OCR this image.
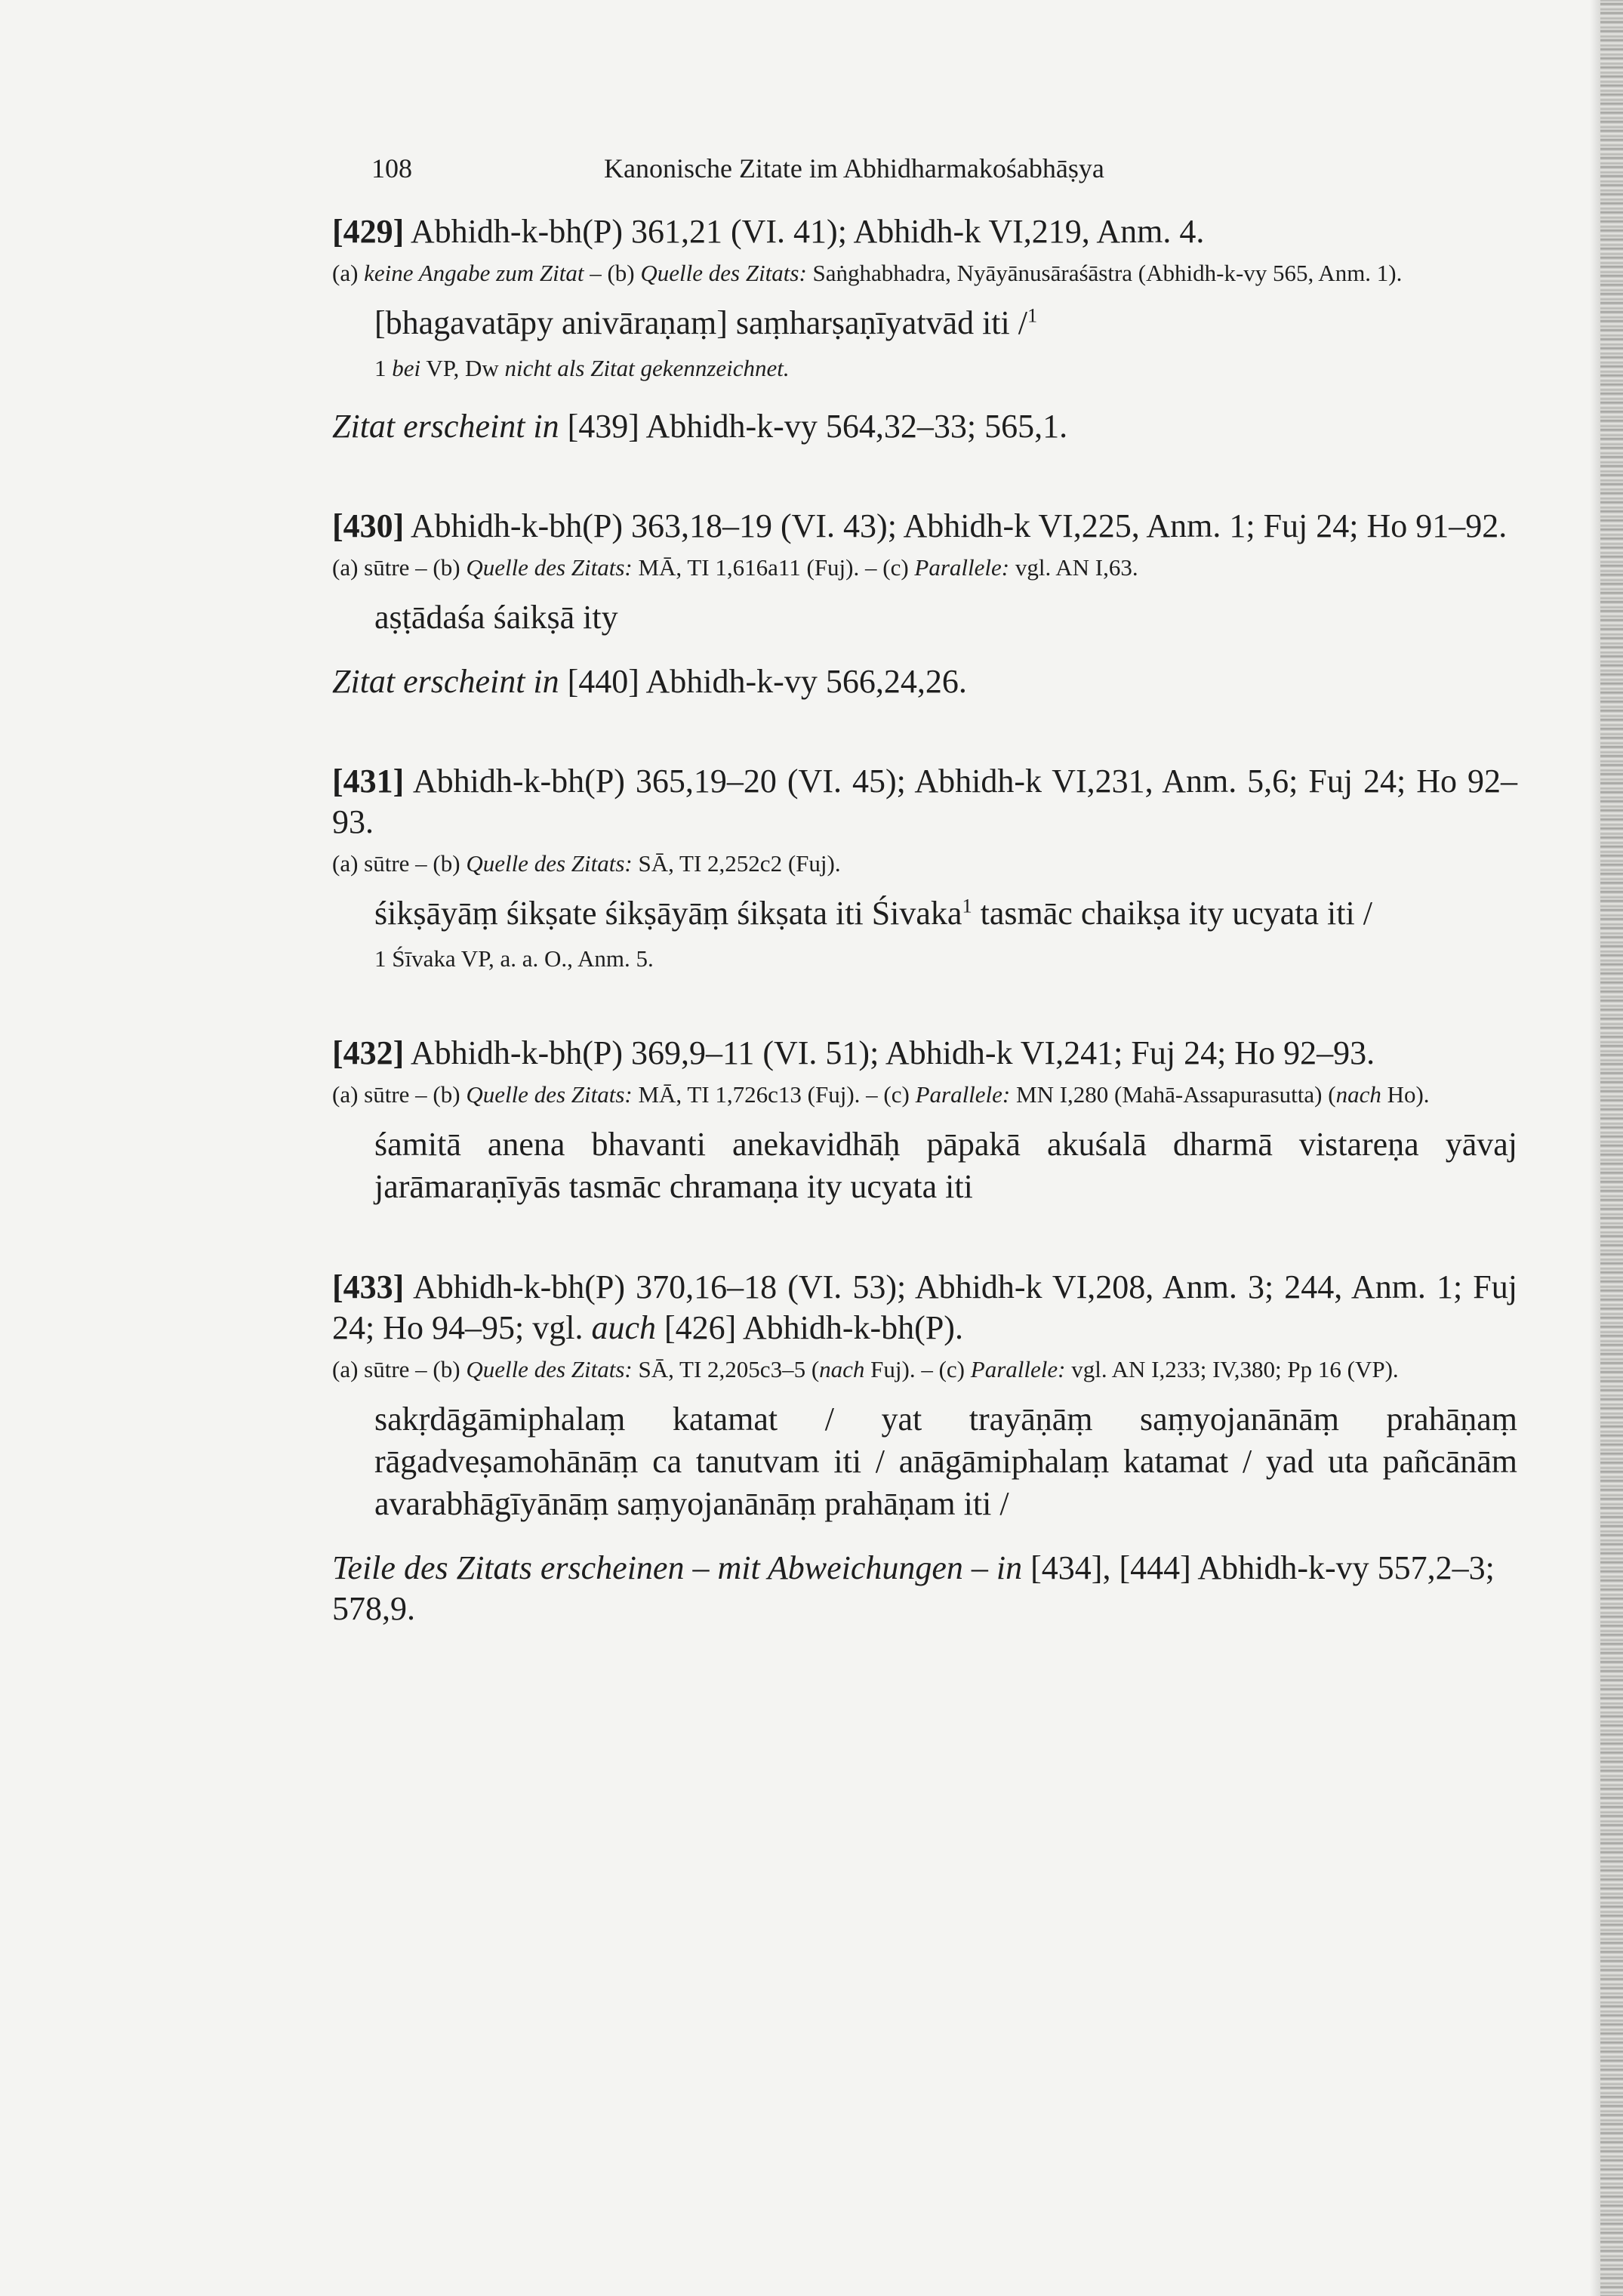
108	Kanonische Zitate im Abhidharmakośabhāṣya
[429] Abhidh-k-bh(P) 361,21 (VI. 41); Abhidh-k VI,219, Anm. 4.
(a) keine Angabe zum Zitat – (b) Quelle des Zitats: Saṅghabhadra, Nyāyānusāraśāstra (Abhidh-k-vy 565, Anm. 1).
[bhagavatāpy anivāraṇaṃ] saṃharṣaṇīyatvād iti /$^1$
1 bei VP, Dw nicht als Zitat gekennzeichnet.
Zitat erscheint in [439] Abhidh-k-vy 564,32–33; 565,1.
[430] Abhidh-k-bh(P) 363,18–19 (VI. 43); Abhidh-k VI,225, Anm. 1; Fuj 24; Ho 91–92.
(a) sūtre – (b) Quelle des Zitats: MĀ, TI 1,616a11 (Fuj). – (c) Parallele: vgl. AN I,63.
aṣṭādaśa śaikṣā ity
Zitat erscheint in [440] Abhidh-k-vy 566,24,26.
[431] Abhidh-k-bh(P) 365,19–20 (VI. 45); Abhidh-k VI,231, Anm. 5,6; Fuj 24; Ho 92–93.
(a) sūtre – (b) Quelle des Zitats: SĀ, TI 2,252c2 (Fuj).
śikṣāyāṃ śikṣate śikṣāyāṃ śikṣata iti Śivaka$^1$ tasmāc chaikṣa ity ucyata iti /
1 Śīvaka VP, a. a. O., Anm. 5.
[432] Abhidh-k-bh(P) 369,9–11 (VI. 51); Abhidh-k VI,241; Fuj 24; Ho 92–93.
(a) sūtre – (b) Quelle des Zitats: MĀ, TI 1,726c13 (Fuj). – (c) Parallele: MN I,280 (Mahā-Assapurasutta) (nach Ho).
śamitā anena bhavanti anekavidhāḥ pāpakā akuśalā dharmā vistareṇa yāvaj jarāmaraṇīyās tasmāc chramaṇa ity ucyata iti
[433] Abhidh-k-bh(P) 370,16–18 (VI. 53); Abhidh-k VI,208, Anm. 3; 244, Anm. 1; Fuj 24; Ho 94–95; vgl. auch [426] Abhidh-k-bh(P).
(a) sūtre – (b) Quelle des Zitats: SĀ, TI 2,205c3–5 (nach Fuj). – (c) Parallele: vgl. AN I,233; IV,380; Pp 16 (VP).
sakṛdāgāmiphalaṃ katamat / yat trayāṇāṃ saṃyojanānāṃ prahāṇaṃ rāgadveṣamohānāṃ ca tanutvam iti / anāgāmiphalaṃ katamat / yad uta pañcānām avarabhāgīyānāṃ saṃyojanānāṃ prahāṇam iti /
Teile des Zitats erscheinen – mit Abweichungen – in [434], [444] Abhidh-k-vy 557,2–3; 578,9.
